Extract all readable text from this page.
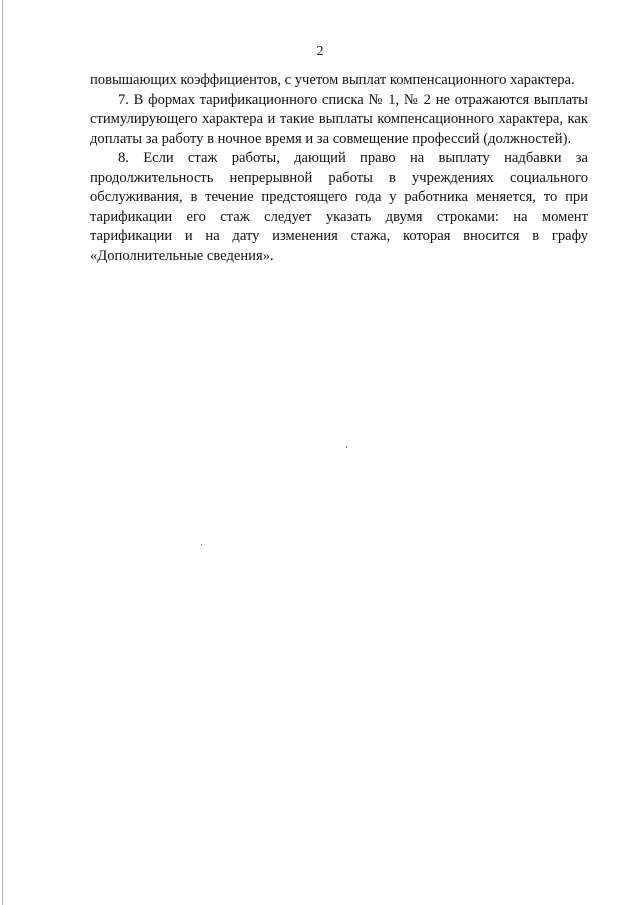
2

повышающих коэффициентов, с учетом выплат компенсационного характера.

7. В формах тарификационного списка № 1, № 2 не отражаются выплаты стимулирующего характера и такие выплаты компенсационного характера, как доплаты за работу в ночное время и за совмещение профессий (должностей).

8. Если стаж работы, дающий право на выплату надбавки за продолжительность непрерывной работы в учреждениях социального обслуживания, в течение предстоящего года у работника меняется, то при тарификации его стаж следует указать двумя строками: на момент тарификации и на дату изменения стажа, которая вносится в графу «Дополнительные сведения».
